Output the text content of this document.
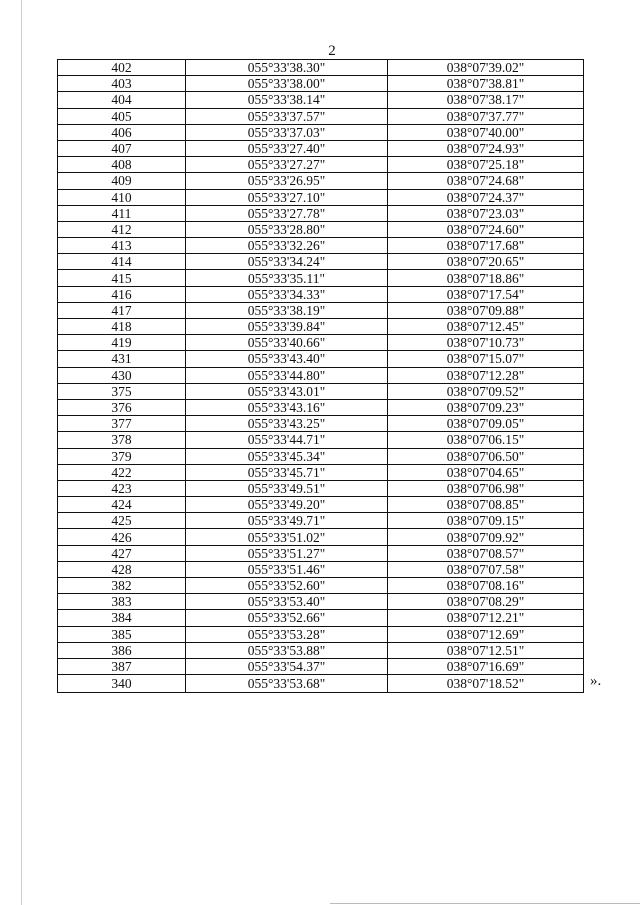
2
402	055°33'38.30"	038°07'39.02"
403	055°33'38.00"	038°07'38.81"
404	055°33'38.14"	038°07'38.17"
405	055°33'37.57"	038°07'37.77"
406	055°33'37.03"	038°07'40.00"
407	055°33'27.40"	038°07'24.93"
408	055°33'27.27"	038°07'25.18"
409	055°33'26.95"	038°07'24.68"
410	055°33'27.10"	038°07'24.37"
411	055°33'27.78"	038°07'23.03"
412	055°33'28.80"	038°07'24.60"
413	055°33'32.26"	038°07'17.68"
414	055°33'34.24"	038°07'20.65"
415	055°33'35.11"	038°07'18.86"
416	055°33'34.33"	038°07'17.54"
417	055°33'38.19"	038°07'09.88"
418	055°33'39.84"	038°07'12.45"
419	055°33'40.66"	038°07'10.73"
431	055°33'43.40"	038°07'15.07"
430	055°33'44.80"	038°07'12.28"
375	055°33'43.01"	038°07'09.52"
376	055°33'43.16"	038°07'09.23"
377	055°33'43.25"	038°07'09.05"
378	055°33'44.71"	038°07'06.15"
379	055°33'45.34"	038°07'06.50"
422	055°33'45.71"	038°07'04.65"
423	055°33'49.51"	038°07'06.98"
424	055°33'49.20"	038°07'08.85"
425	055°33'49.71"	038°07'09.15"
426	055°33'51.02"	038°07'09.92"
427	055°33'51.27"	038°07'08.57"
428	055°33'51.46"	038°07'07.58"
382	055°33'52.60"	038°07'08.16"
383	055°33'53.40"	038°07'08.29"
384	055°33'52.66"	038°07'12.21"
385	055°33'53.28"	038°07'12.69"
386	055°33'53.88"	038°07'12.51"
387	055°33'54.37"	038°07'16.69"
340	055°33'53.68"	038°07'18.52"	».
